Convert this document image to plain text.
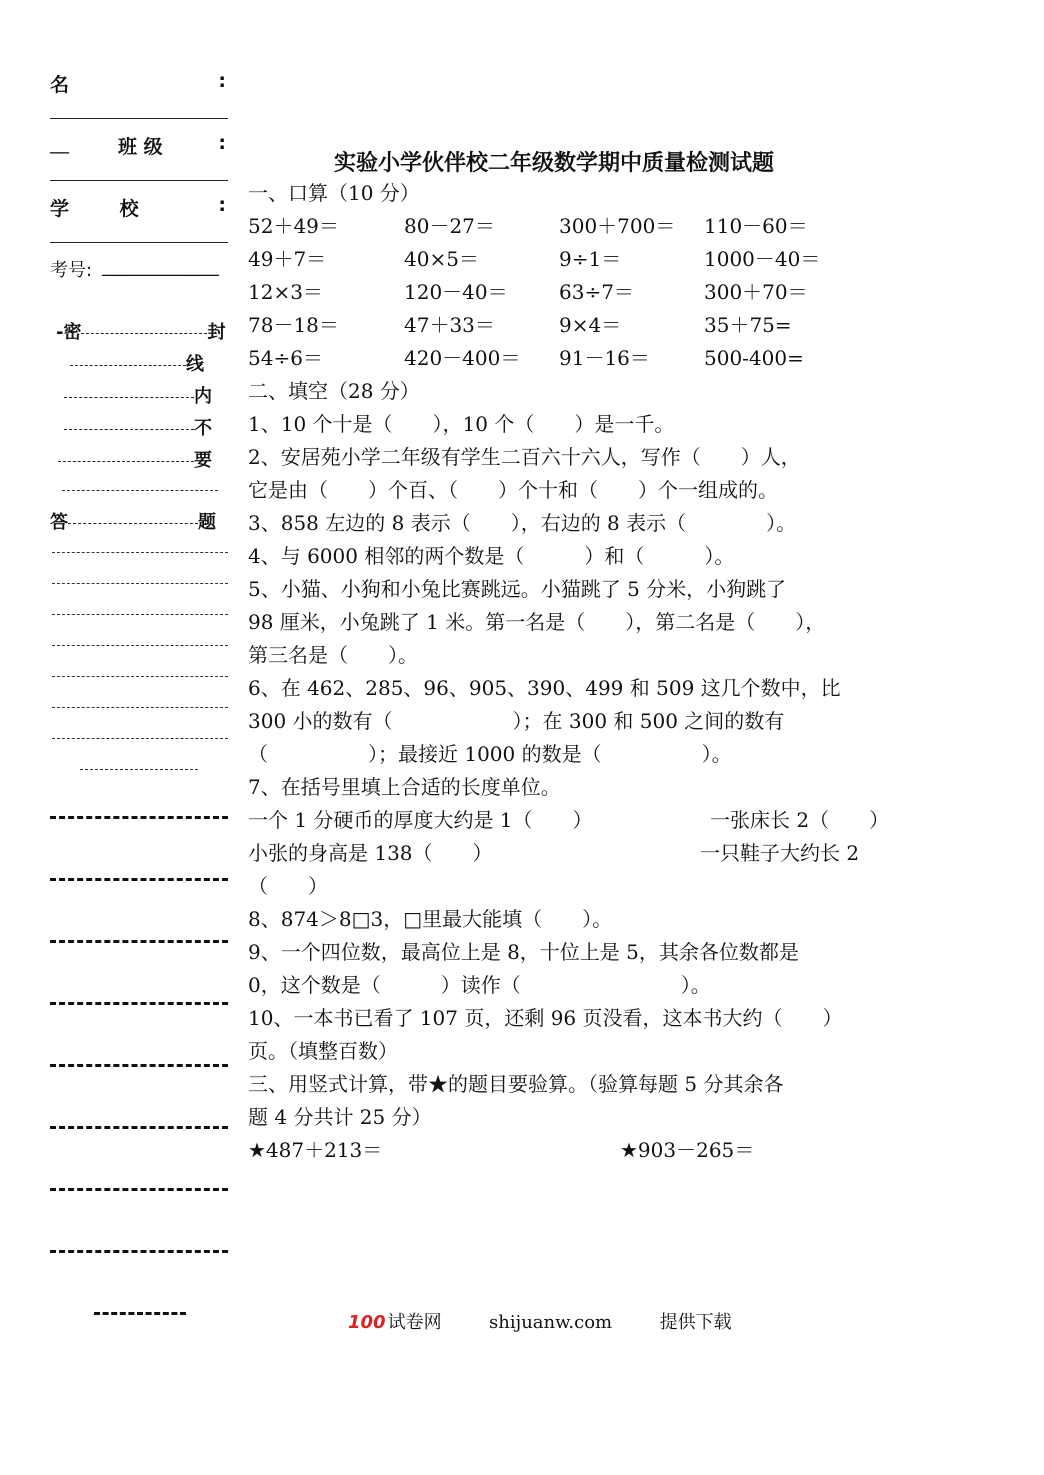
名	:
__	班 级	:
学 校	:
考号: _____________
-密	封
线
内
不
要
答	题
实验小学伙伴校二年级数学期中质量检测试题
一、口算（10 分）
52＋49＝	80－27＝	300＋700＝ 110－60＝
49＋7＝	40×5＝	9÷1＝	1000－40＝
12×3＝	120－40＝	63÷7＝	300＋70＝
78－18＝	47＋33＝	9×4＝	35＋75=
54÷6＝	420－400＝ 91－16＝	500-400=
二、填空（28 分）
1、10 个十是（　　），10 个（　　）是一千。
2、安居苑小学二年级有学生二百六十六人，写作（　　）人，
它是由（　　）个百、（　　）个十和（　　）个一组成的。
3、858 左边的 8 表示（　　），右边的 8 表示（　　　　）。
4、与 6000 相邻的两个数是（　　　）和（　　　）。
5、小猫、小狗和小兔比赛跳远。小猫跳了 5 分米，小狗跳了
98 厘米，小兔跳了 1 米。第一名是（　　），第二名是（　　），
第三名是（　　）。
6、在 462、285、96、905、390、499 和 509 这几个数中，比
300 小的数有（　　　　　　）；在 300 和 500 之间的数有
（　　　　　）；最接近 1000 的数是（　　　　　）。
7、在括号里填上合适的长度单位。
一个 1 分硬币的厚度大约是 1（　　）	一张床长 2（　　）
小张的身高是 138（　　）	一只鞋子大约长 2
（　　）
8、874＞8□3，□里最大能填（　　）。
9、一个四位数，最高位上是 8，十位上是 5，其余各位数都是
0，这个数是（　　　）读作（　　　　　　　　）。
10、一本书已看了 107 页，还剩 96 页没看，这本书大约（　　）
页。（填整百数）
三、用竖式计算，带★的题目要验算。（验算每题 5 分其余各
题 4 分共计 25 分）
★487＋213＝	★903－265＝
100 试卷网	shijuanw.com	提供下载
